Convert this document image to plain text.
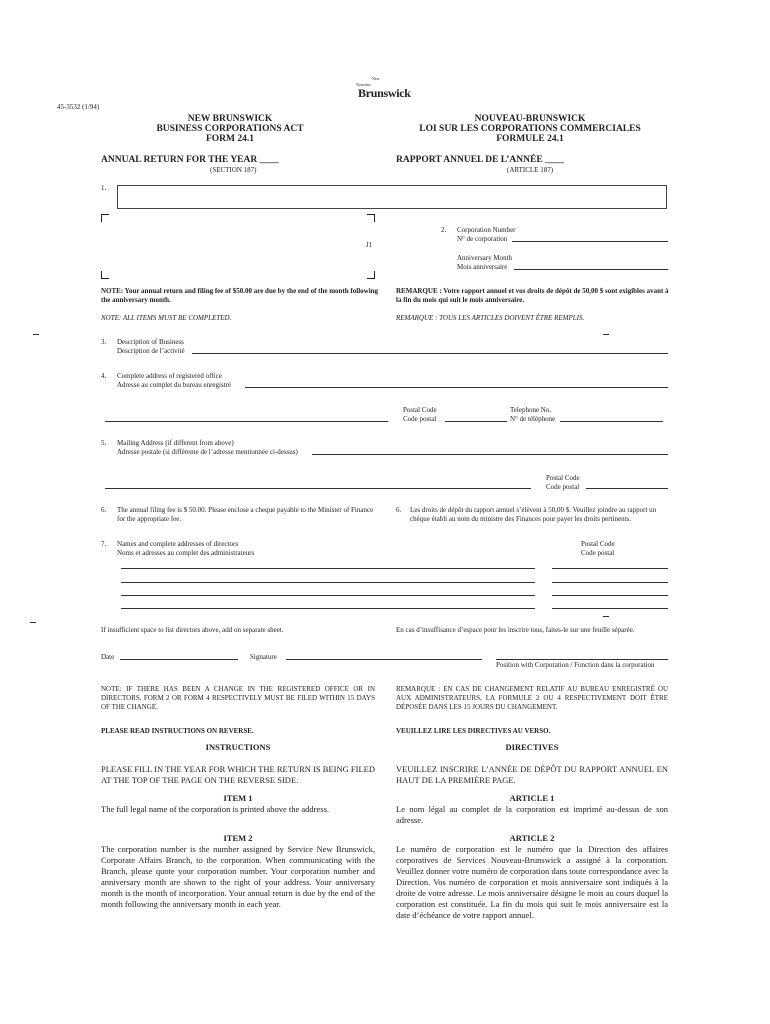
New
Nouveau
Brunswick
45-3532 (1/94)
NEW BRUNSWICK
BUSINESS CORPORATIONS ACT
FORM 24.1
NOUVEAU-BRUNSWICK
LOI SUR LES CORPORATIONS COMMERCIALES
FORMULE 24.1
ANNUAL RETURN FOR THE YEAR ____
(SECTION 187)
RAPPORT ANNUEL DE L’ANNÉE ____
(ARTICLE 187)
1.
J1
2. Corporation Number
N° de corporation
Anniversary Month
Mois anniversaire
NOTE: Your annual return and filing fee of $50.00 are due by the end of the month following the anniversary month.
REMARQUE : Votre rapport annuel et vos droits de dépôt de 50,00 $ sont exigibles avant à la fin du mois qui suit le mois anniversaire.
NOTE: ALL ITEMS MUST BE COMPLETED.	REMARQUE : TOUS LES ARTICLES DOIVENT ÊTRE REMPLIS.
3. Description of Business
Description de l’activité
4. Complete address of registered office
Adresse au complet du bureau enregistré
Postal Code
Code postal
Telephone No.
N° de téléphone
5. Mailing Address (if different from above)
Adresse postale (si différente de l’adresse mentionnée ci-dessus)
Postal Code
Code postal
6. The annual filing fee is $ 50.00. Please enclose a cheque payable to the Minister of Finance for the appropriate fee.
6. Les droits de dépôt du rapport annuel s’élèvent à 50,00 $. Veuillez joindre au rapport un chèque établi au nom du ministre des Finances pour payer les droits pertinents.
7. Names and complete addresses of directors
Noms et adresses au complet des administrateurs
Postal Code
Code postal
If insufficient space to list directors above, add on separate sheet.	En cas d’insuffisance d’espace pour les inscrire tous, faites-le sur une feuille séparée.
Date	Signature
Position with Corporation / Fonction dans la corporation
NOTE: IF THERE HAS BEEN A CHANGE IN THE REGISTERED OFFICE OR IN DIRECTORS, FORM 2 OR FORM 4 RESPECTIVELY MUST BE FILED WITHIN 15 DAYS OF THE CHANGE.
REMARQUE : EN CAS DE CHANGEMENT RELATIF AU BUREAU ENREGISTRÉ OU AUX ADMINISTRATEURS, LA FORMULE 2 OU 4 RESPECTIVEMENT DOIT ÊTRE DÉPOSÉE DANS LES 15 JOURS DU CHANGEMENT.
PLEASE READ INSTRUCTIONS ON REVERSE.	VEUILLEZ LIRE LES DIRECTIVES AU VERSO.
INSTRUCTIONS	DIRECTIVES
PLEASE FILL IN THE YEAR FOR WHICH THE RETURN IS BEING FILED AT THE TOP OF THE PAGE ON THE REVERSE SIDE.
VEUILLEZ INSCRIRE L’ANNÉE DE DÉPÔT DU RAPPORT ANNUEL EN HAUT DE LA PREMIÈRE PAGE.
ITEM 1
The full legal name of the corporation is printed above the address.
ARTICLE 1
Le nom légal au complet de la corporation est imprimé au-dessus de son adresse.
ITEM 2
The corporation number is the number assigned by Service New Brunswick, Corporate Affairs Branch, to the corporation. When communicating with the Branch, please quote your corporation number. Your corporation number and anniversary month are shown to the right of your address. Your anniversary month is the month of incorporation. Your annual return is due by the end of the month following the anniversary month in each year.
ARTICLE 2
Le numéro de corporation est le numéro que la Direction des affaires corporatives de Services Nouveau-Brunswick a assigné à la corporation. Veuillez donner votre numéro de corporation dans toute correspondance avec la Direction. Vos numéro de corporation et mois anniversaire sont indiqués à la droite de votre adresse. Le mois anniversaire désigne le mois au cours duquel la corporation est constituée. La fin du mois qui suit le mois anniversaire est la date d’échéance de votre rapport annuel.
